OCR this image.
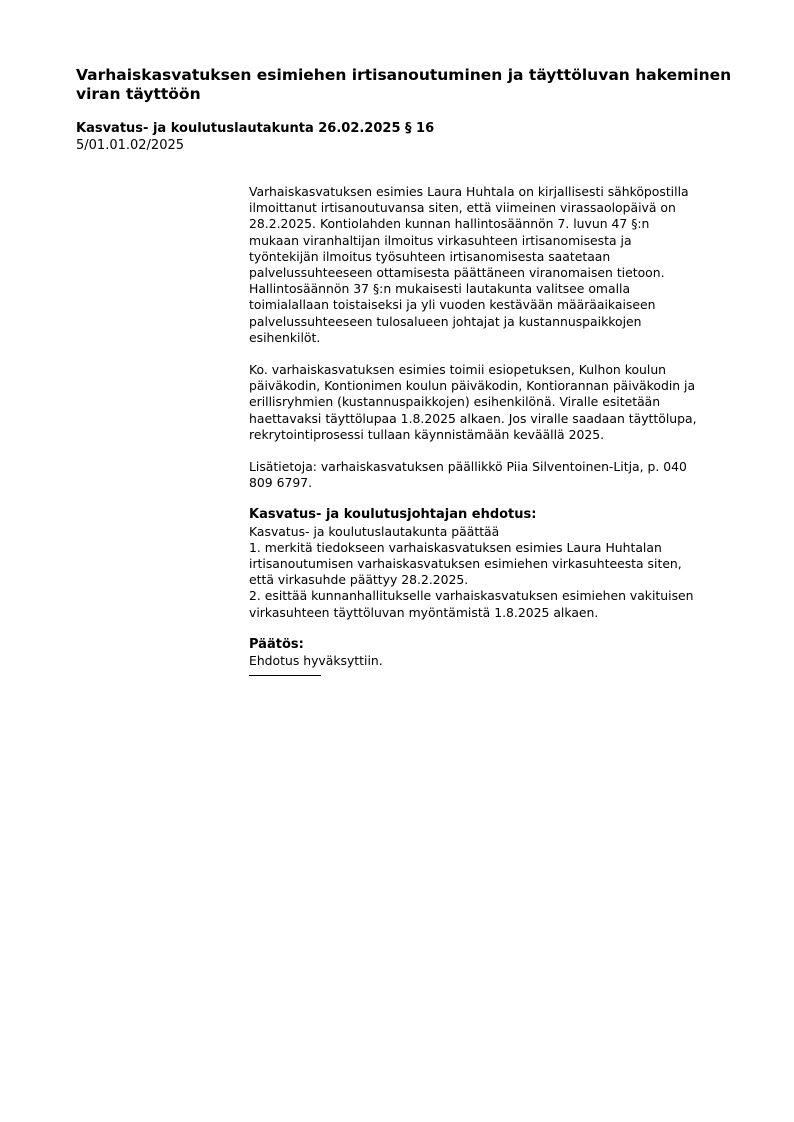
Varhaiskasvatuksen esimiehen irtisanoutuminen ja täyttöluvan hakeminen viran täyttöön
Kasvatus- ja koulutuslautakunta 26.02.2025 § 16
5/01.01.02/2025

Varhaiskasvatuksen esimies Laura Huhtala on kirjallisesti sähköpostilla

ilmoittanut irtisanoutuvansa siten, että viimeinen virassaolopäivä on

28.2.2025. Kontiolahden kunnan hallintosäännön 7. luvun 47 §:n

mukaan viranhaltijan ilmoitus virkasuhteen irtisanomisesta ja

työntekijän ilmoitus työsuhteen irtisanomisesta saatetaan

palvelussuhteeseen ottamisesta päättäneen viranomaisen tietoon.

Hallintosäännön 37 §:n mukaisesti lautakunta valitsee omalla

toimialallaan toistaiseksi ja yli vuoden kestävään määräaikaiseen

palvelussuhteeseen tulosalueen johtajat ja kustannuspaikkojen

esihenkilöt.

Ko. varhaiskasvatuksen esimies toimii esiopetuksen, Kulhon koulun

päiväkodin, Kontionimen koulun päiväkodin, Kontiorannan päiväkodin ja

erillisryhmien (kustannuspaikkojen) esihenkilönä. Viralle esitetään

haettavaksi täyttölupaa 1.8.2025 alkaen. Jos viralle saadaan täyttölupa,

rekrytointiprosessi tullaan käynnistämään keväällä 2025.

Lisätietoja: varhaiskasvatuksen päällikkö Piia Silventoinen-Litja, p. 040

809 6797.

Kasvatus- ja koulutusjohtajan ehdotus:

Kasvatus- ja koulutuslautakunta päättää

1. merkitä tiedokseen varhaiskasvatuksen esimies Laura Huhtalan

irtisanoutumisen varhaiskasvatuksen esimiehen virkasuhteesta siten,

että virkasuhde päättyy 28.2.2025.

2. esittää kunnanhallitukselle varhaiskasvatuksen esimiehen vakituisen

virkasuhteen täyttöluvan myöntämistä 1.8.2025 alkaen.

Päätös:

Ehdotus hyväksyttiin.
